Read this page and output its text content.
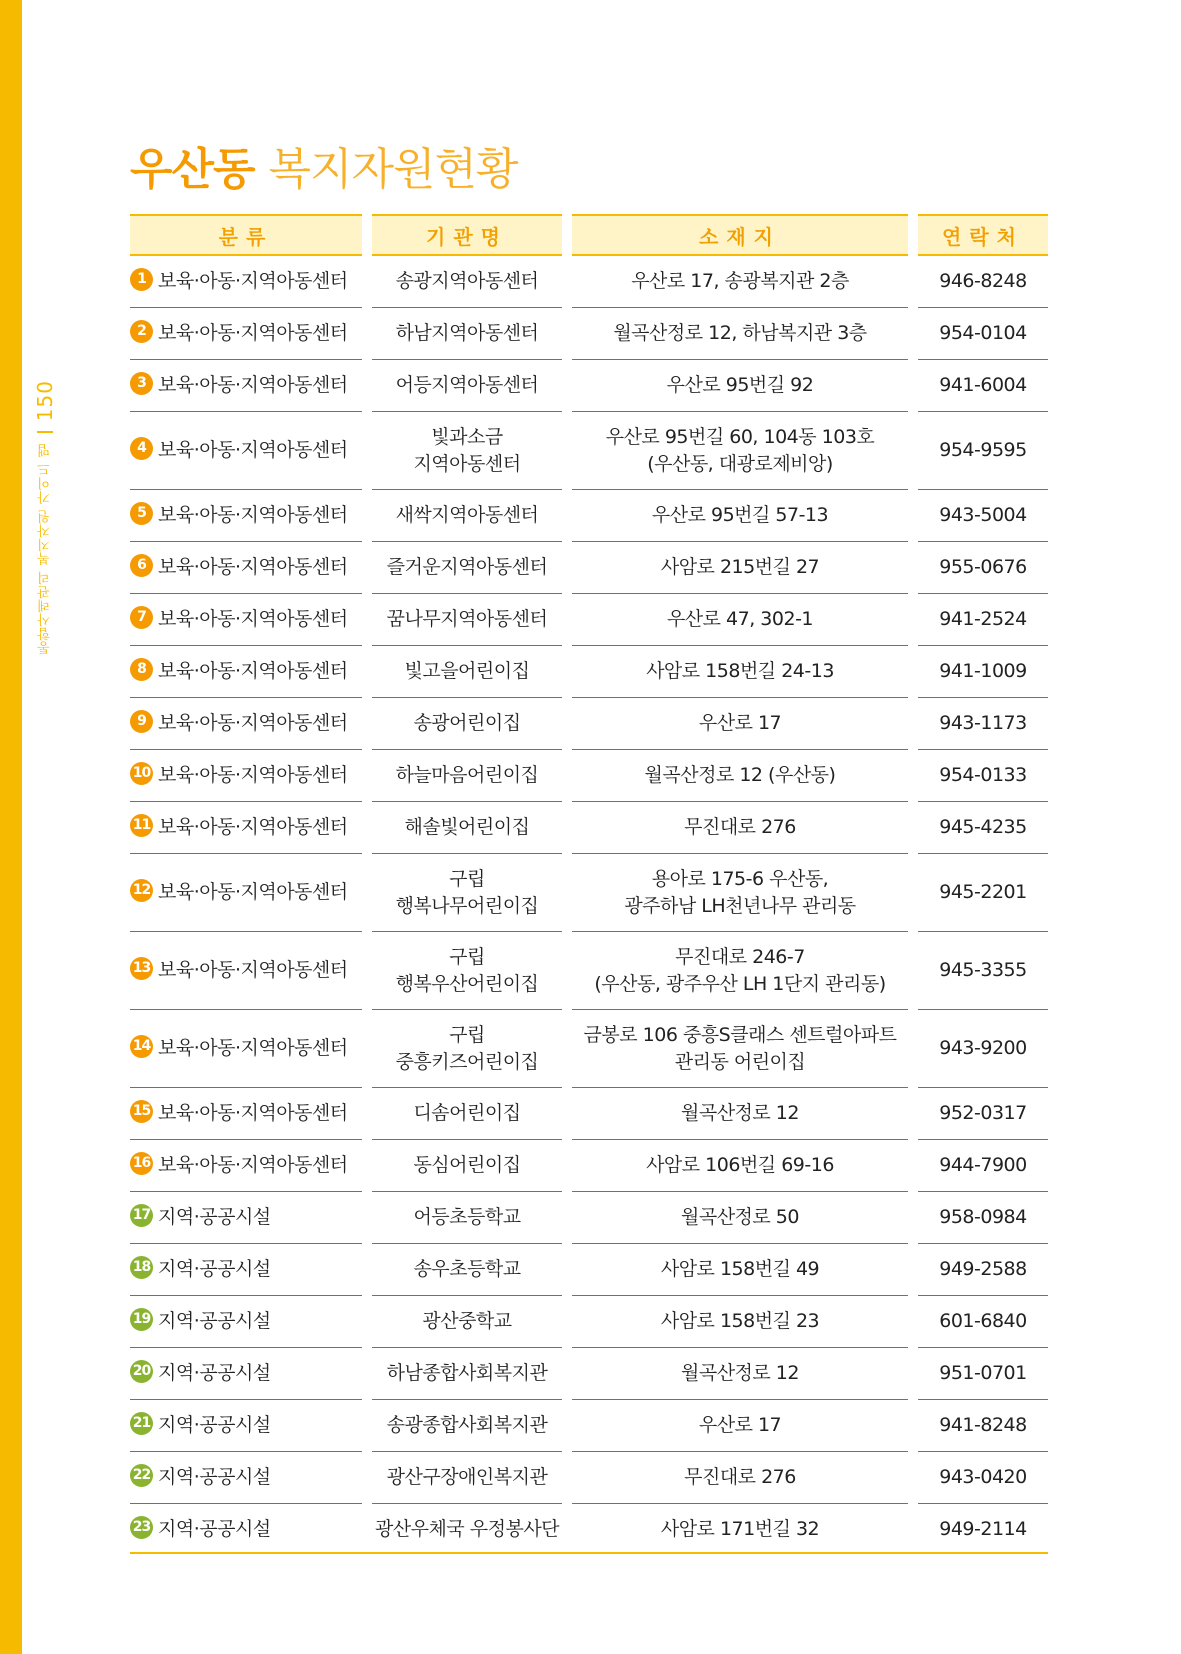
150
통합사례관리 복지자원 가이드 맵
우산동 복지자원현황
분류	기관명	소재지	연락처
1 보육·아동·지역아동센터	송광지역아동센터	우산로 17, 송광복지관 2층	946-8248
2 보육·아동·지역아동센터	하남지역아동센터	월곡산정로 12, 하남복지관 3층	954-0104
3 보육·아동·지역아동센터	어등지역아동센터	우산로 95번길 92	941-6004
4 보육·아동·지역아동센터	빛과소금
지역아동센터	우산로 95번길 60, 104동 103호
(우산동, 대광로제비앙)	954-9595
5 보육·아동·지역아동센터	새싹지역아동센터	우산로 95번길 57-13	943-5004
6 보육·아동·지역아동센터	즐거운지역아동센터	사암로 215번길 27	955-0676
7 보육·아동·지역아동센터	꿈나무지역아동센터	우산로 47, 302-1	941-2524
8 보육·아동·지역아동센터	빛고을어린이집	사암로 158번길 24-13	941-1009
9 보육·아동·지역아동센터	송광어린이집	우산로 17	943-1173
10 보육·아동·지역아동센터	하늘마음어린이집	월곡산정로 12 (우산동)	954-0133
11 보육·아동·지역아동센터	해솔빛어린이집	무진대로 276	945-4235
12 보육·아동·지역아동센터	구립
행복나무어린이집	용아로 175-6 우산동,
광주하남 LH천년나무 관리동	945-2201
13 보육·아동·지역아동센터	구립
행복우산어린이집	무진대로 246-7
(우산동, 광주우산 LH 1단지 관리동)	945-3355
14 보육·아동·지역아동센터	구립
중흥키즈어린이집	금봉로 106 중흥S클래스 센트럴아파트
관리동 어린이집	943-9200
15 보육·아동·지역아동센터	디솜어린이집	월곡산정로 12	952-0317
16 보육·아동·지역아동센터	동심어린이집	사암로 106번길 69-16	944-7900
17 지역·공공시설	어등초등학교	월곡산정로 50	958-0984
18 지역·공공시설	송우초등학교	사암로 158번길 49	949-2588
19 지역·공공시설	광산중학교	사암로 158번길 23	601-6840
20 지역·공공시설	하남종합사회복지관	월곡산정로 12	951-0701
21 지역·공공시설	송광종합사회복지관	우산로 17	941-8248
22 지역·공공시설	광산구장애인복지관	무진대로 276	943-0420
23 지역·공공시설	광산우체국 우정봉사단	사암로 171번길 32	949-2114
